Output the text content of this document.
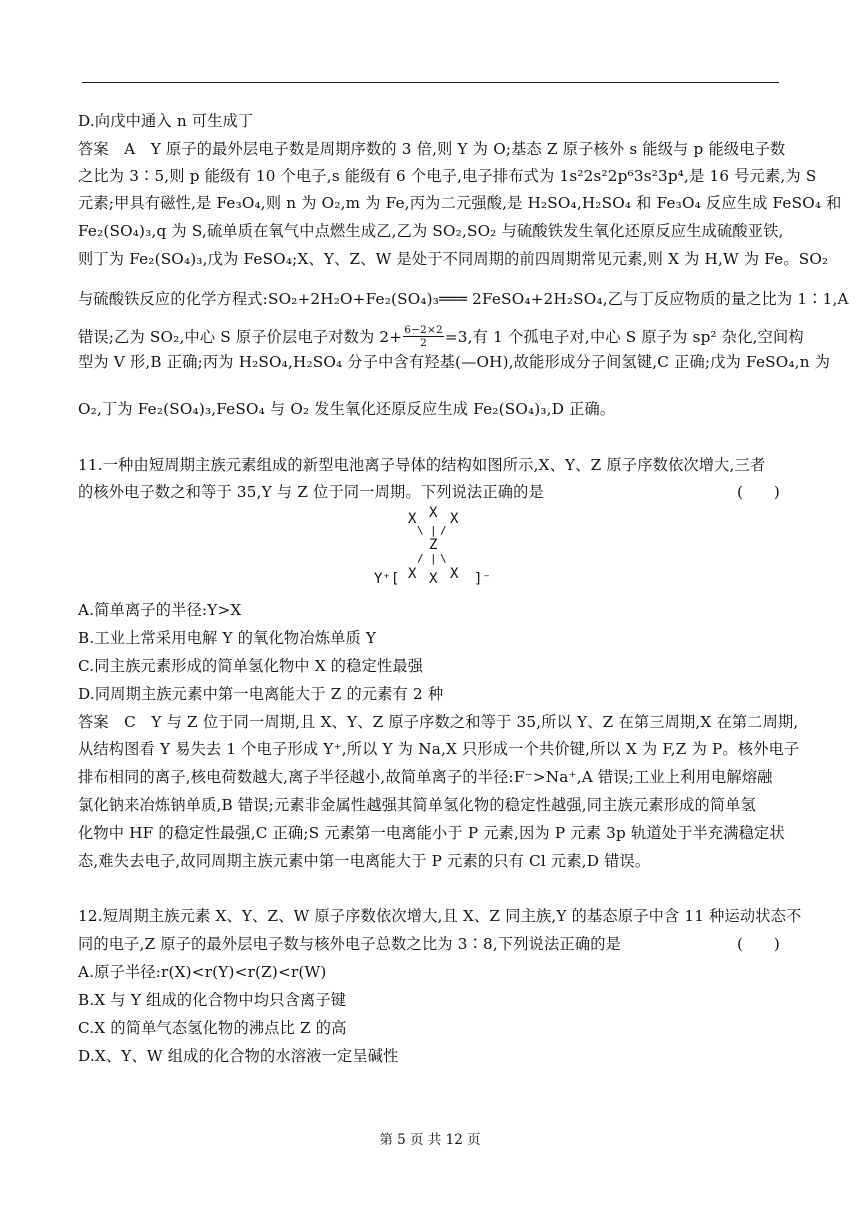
D.向戊中通入 n 可生成丁
答案　A　Y 原子的最外层电子数是周期序数的 3 倍,则 Y 为 O;基态 Z 原子核外 s 能级与 p 能级电子数
之比为 3∶5,则 p 能级有 10 个电子,s 能级有 6 个电子,电子排布式为 1s²2s²2p⁶3s²3p⁴,是 16 号元素,为 S
元素;甲具有磁性,是 Fe₃O₄,则 n 为 O₂,m 为 Fe,丙为二元强酸,是 H₂SO₄,H₂SO₄ 和 Fe₃O₄ 反应生成 FeSO₄ 和
Fe₂(SO₄)₃,q 为 S,硫单质在氧气中点燃生成乙,乙为 SO₂,SO₂ 与硫酸铁发生氧化还原反应生成硫酸亚铁,
则丁为 Fe₂(SO₄)₃,戊为 FeSO₄;X、Y、Z、W 是处于不同周期的前四周期常见元素,则 X 为 H,W 为 Fe。SO₂
与硫酸铁反应的化学方程式:SO₂+2H₂O+Fe₂(SO₄)₃═══ 2FeSO₄+2H₂SO₄,乙与丁反应物质的量之比为 1∶1,A
错误;乙为 SO₂,中心 S 原子价层电子对数为 $2+ \frac{6-2\times 2}{2} =3$,有 1 个孤电子对,中心 S 原子为 sp² 杂化,空间构
型为 V 形,B 正确;丙为 H₂SO₄,H₂SO₄ 分子中含有羟基(—OH),故能形成分子间氢键,C 正确;戊为 FeSO₄,n 为
O₂,丁为 Fe₂(SO₄)₃,FeSO₄ 与 O₂ 发生氧化还原反应生成 Fe₂(SO₄)₃,D 正确。
11.一种由短周期主族元素组成的新型电池离子导体的结构如图所示,X、Y、Z 原子序数依次增大,三者
的核外电子数之和等于 35,Y 与 Z 位于同一周期。下列说法正确的是	(　　)
X X X
\ | /
Z
/ | \
Y⁺[ X X X ]⁻
A.简单离子的半径:Y>X
B.工业上常采用电解 Y 的氧化物冶炼单质 Y
C.同主族元素形成的简单氢化物中 X 的稳定性最强
D.同周期主族元素中第一电离能大于 Z 的元素有 2 种
答案　C　Y 与 Z 位于同一周期,且 X、Y、Z 原子序数之和等于 35,所以 Y、Z 在第三周期,X 在第二周期,
从结构图看 Y 易失去 1 个电子形成 Y⁺,所以 Y 为 Na,X 只形成一个共价键,所以 X 为 F,Z 为 P。核外电子
排布相同的离子,核电荷数越大,离子半径越小,故简单离子的半径:F⁻>Na⁺,A 错误;工业上利用电解熔融
氯化钠来冶炼钠单质,B 错误;元素非金属性越强其简单氢化物的稳定性越强,同主族元素形成的简单氢
化物中 HF 的稳定性最强,C 正确;S 元素第一电离能小于 P 元素,因为 P 元素 3p 轨道处于半充满稳定状
态,难失去电子,故同周期主族元素中第一电离能大于 P 元素的只有 Cl 元素,D 错误。
12.短周期主族元素 X、Y、Z、W 原子序数依次增大,且 X、Z 同主族,Y 的基态原子中含 11 种运动状态不
同的电子,Z 原子的最外层电子数与核外电子总数之比为 3∶8,下列说法正确的是	(　　)
A.原子半径:r(X)<r(Y)<r(Z)<r(W)
B.X 与 Y 组成的化合物中均只含离子键
C.X 的简单气态氢化物的沸点比 Z 的高
D.X、Y、W 组成的化合物的水溶液一定呈碱性
第 5 页 共 12 页
